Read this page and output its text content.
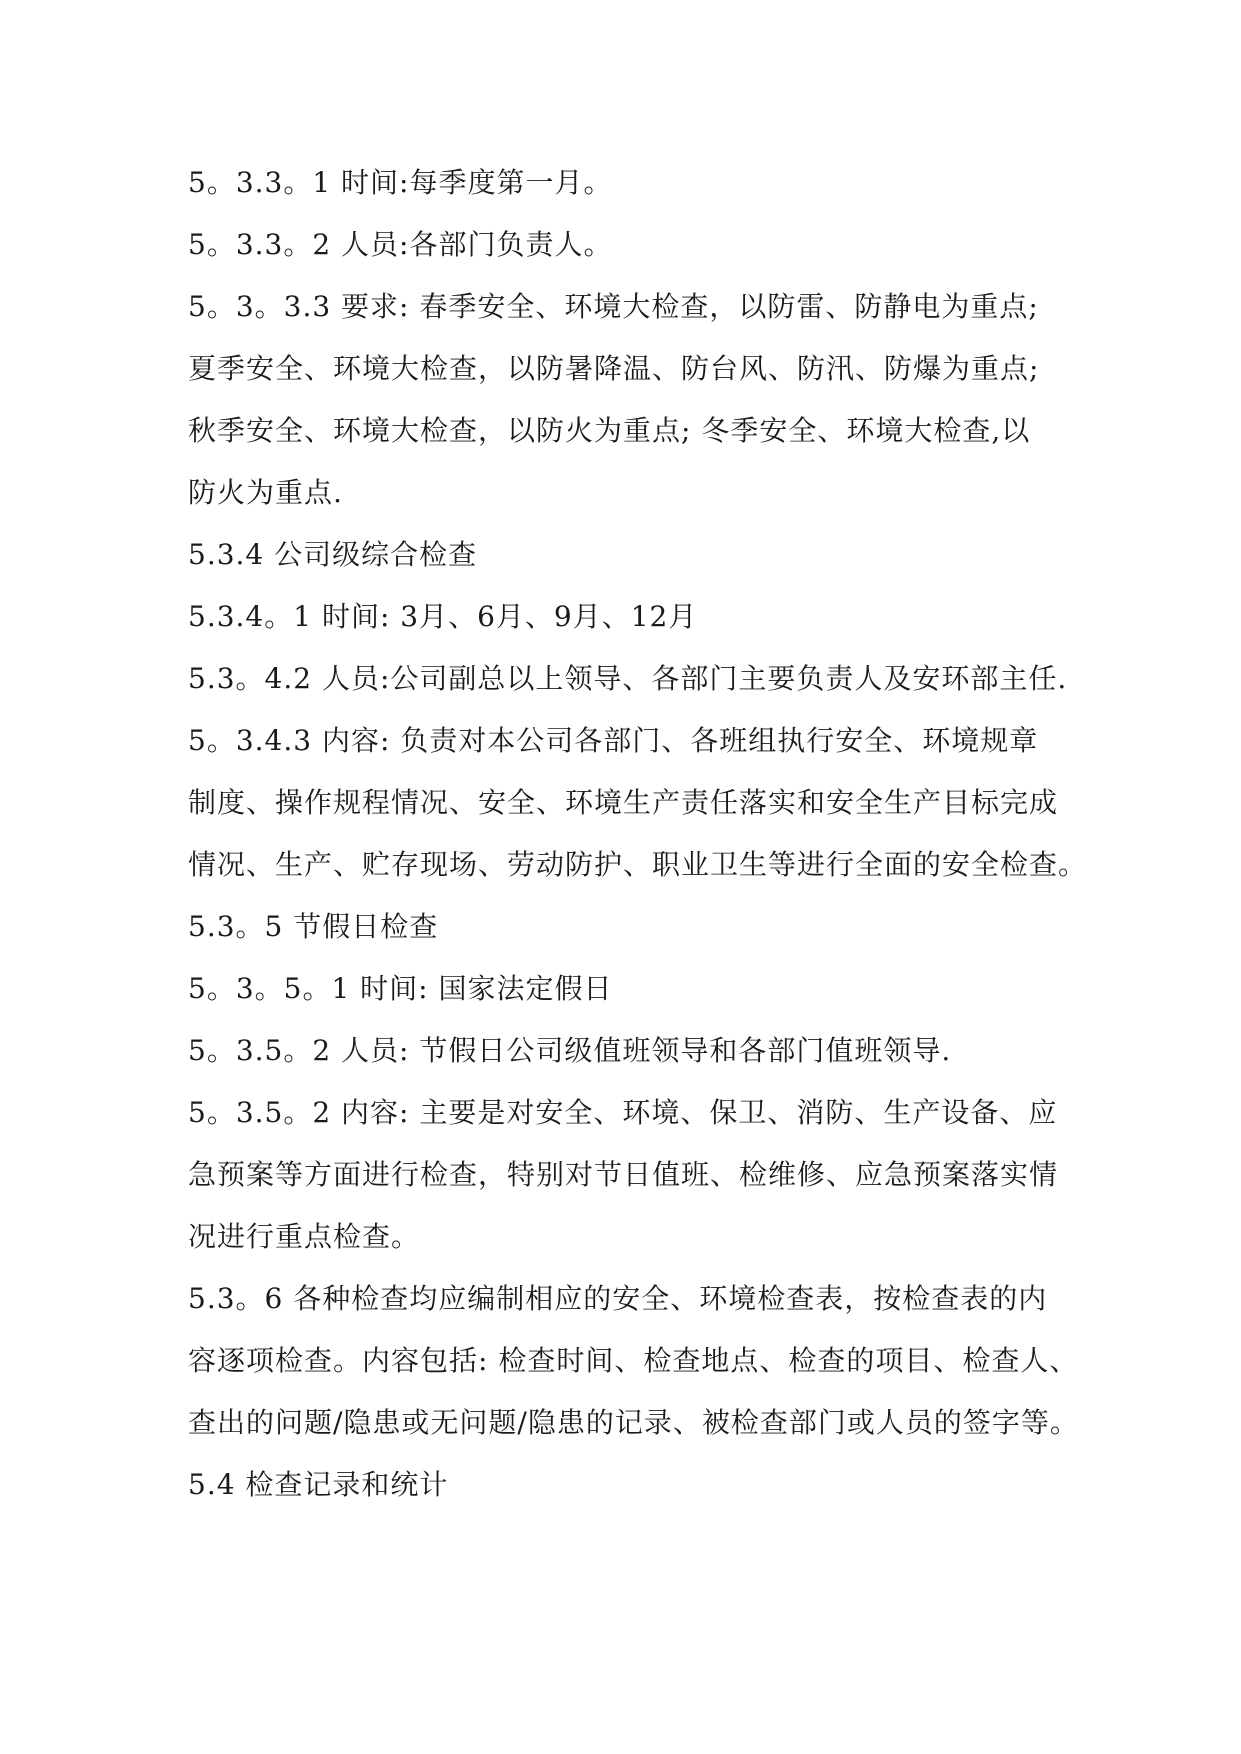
5。3.3。1 时间:每季度第一月。
5。3.3。2 人员:各部门负责人。
5。3。3.3 要求: 春季安全、环境大检查，以防雷、防静电为重点;
夏季安全、环境大检查，以防暑降温、防台风、防汛、防爆为重点;
秋季安全、环境大检查，以防火为重点; 冬季安全、环境大检查,以
防火为重点.
5.3.4 公司级综合检查
5.3.4。1 时间: 3月、6月、9月、12月
5.3。4.2 人员:公司副总以上领导、各部门主要负责人及安环部主任.
5。3.4.3 内容: 负责对本公司各部门、各班组执行安全、环境规章
制度、操作规程情况、安全、环境生产责任落实和安全生产目标完成
情况、生产、贮存现场、劳动防护、职业卫生等进行全面的安全检查。
5.3。5 节假日检查
5。3。5。1 时间: 国家法定假日
5。3.5。2 人员: 节假日公司级值班领导和各部门值班领导.
5。3.5。2 内容: 主要是对安全、环境、保卫、消防、生产设备、应
急预案等方面进行检查，特别对节日值班、检维修、应急预案落实情
况进行重点检查。
5.3。6 各种检查均应编制相应的安全、环境检查表，按检查表的内
容逐项检查。内容包括: 检查时间、检查地点、检查的项目、检查人、
查出的问题/隐患或无问题/隐患的记录、被检查部门或人员的签字等。
5.4 检查记录和统计
